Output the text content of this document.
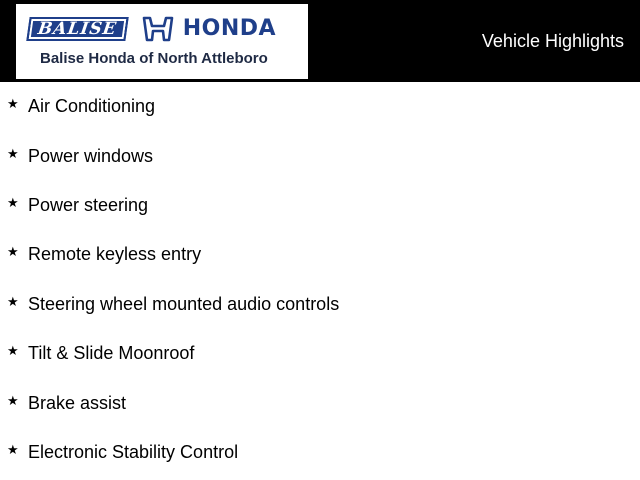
BALISE	HONDA
Balise Honda of North Attleboro
Vehicle Highlights
★ Air Conditioning
★ Power windows
★ Power steering
★ Remote keyless entry
★ Steering wheel mounted audio controls
★ Tilt & Slide Moonroof
★ Brake assist
★ Electronic Stability Control
